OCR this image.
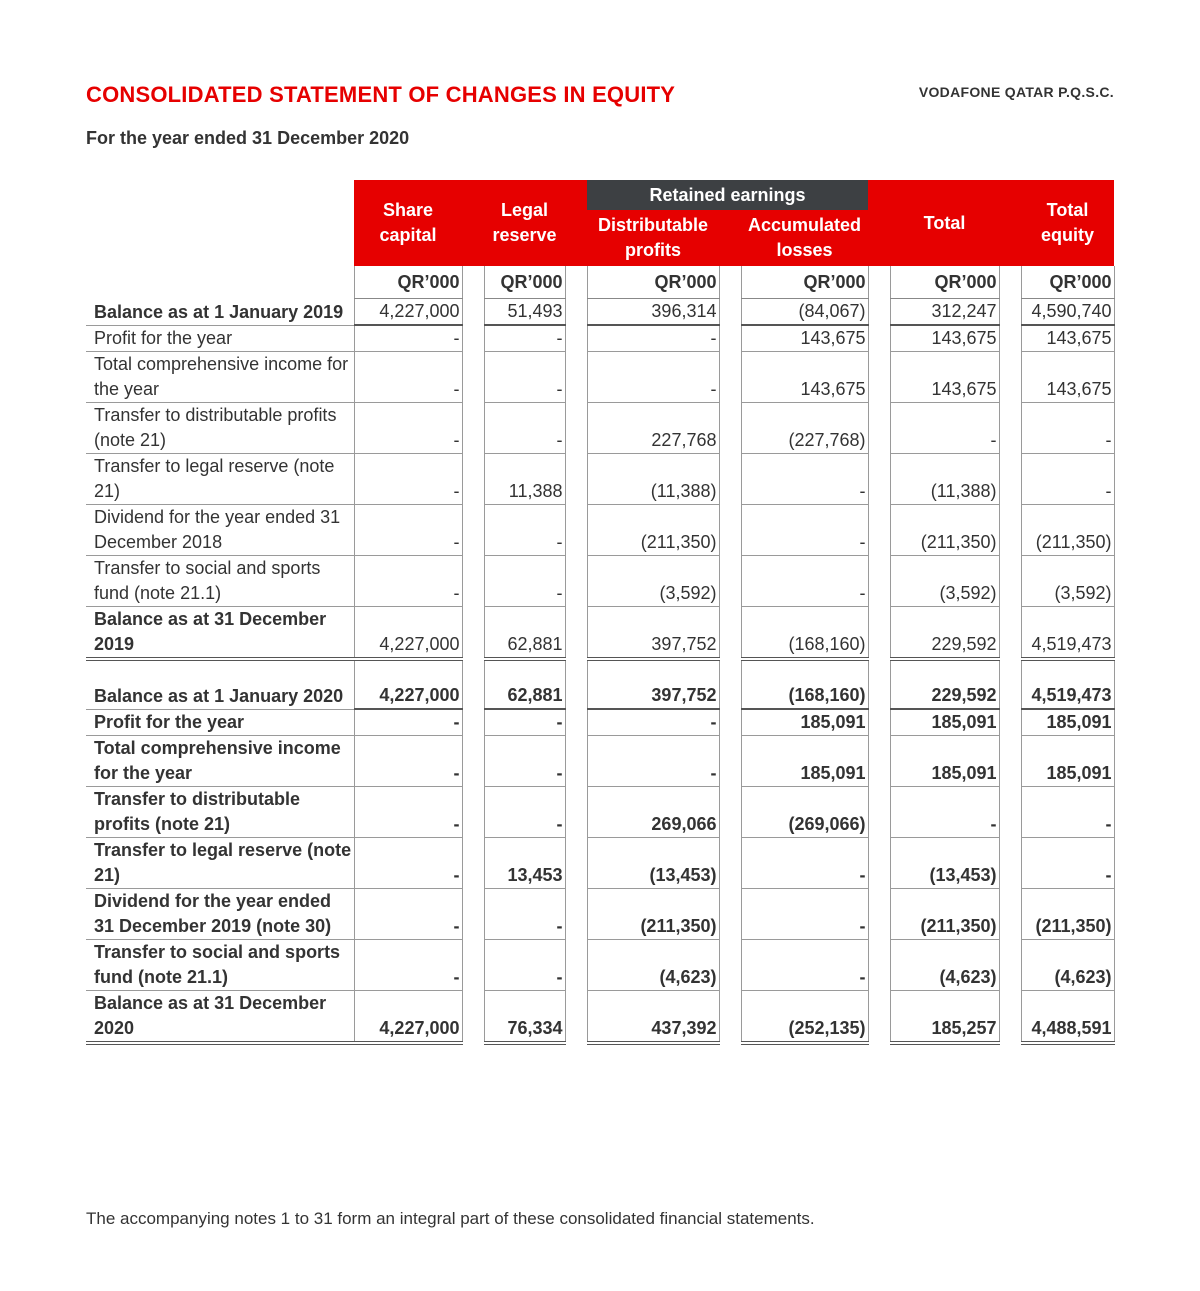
CONSOLIDATED STATEMENT OF CHANGES IN EQUITY	VODAFONE QATAR P.Q.S.C.
For the year ended 31 December 2020
	Share capital		Legal reserve		Retained earnings				Total		Total equity
					Distributable profits		Accumulated losses				
	QR’000		QR’000		QR’000		QR’000		QR’000		QR’000
Balance as at 1 January 2019	4,227,000		51,493		396,314		(84,067)		312,247		4,590,740
Profit for the year	-		-		-		143,675		143,675		143,675
Total comprehensive income for the year	-		-		-		143,675		143,675		143,675
Transfer to distributable profits (note 21)	-		-		227,768		(227,768)		-		-
Transfer to legal reserve (note 21)	-		11,388		(11,388)		-		(11,388)		-
Dividend for the year ended 31 December 2018	-		-		(211,350)		-		(211,350)		(211,350)
Transfer to social and sports fund (note 21.1)	-		-		(3,592)		-		(3,592)		(3,592)
Balance as at 31 December 2019	4,227,000		62,881		397,752		(168,160)		229,592		4,519,473

Balance as at 1 January 2020	4,227,000		62,881		397,752		(168,160)		229,592		4,519,473
Profit for the year	-		-		-		185,091		185,091		185,091
Total comprehensive income for the year	-		-		-		185,091		185,091		185,091
Transfer to distributable profits (note 21)	-		-		269,066		(269,066)		-		-
Transfer to legal reserve (note 21)	-		13,453		(13,453)		-		(13,453)		-
Dividend for the year ended 31 December 2019 (note 30)	-		-		(211,350)		-		(211,350)		(211,350)
Transfer to social and sports fund (note 21.1)	-		-		(4,623)		-		(4,623)		(4,623)
Balance as at 31 December 2020	4,227,000		76,334		437,392		(252,135)		185,257		4,488,591
The accompanying notes 1 to 31 form an integral part of these consolidated financial statements.
